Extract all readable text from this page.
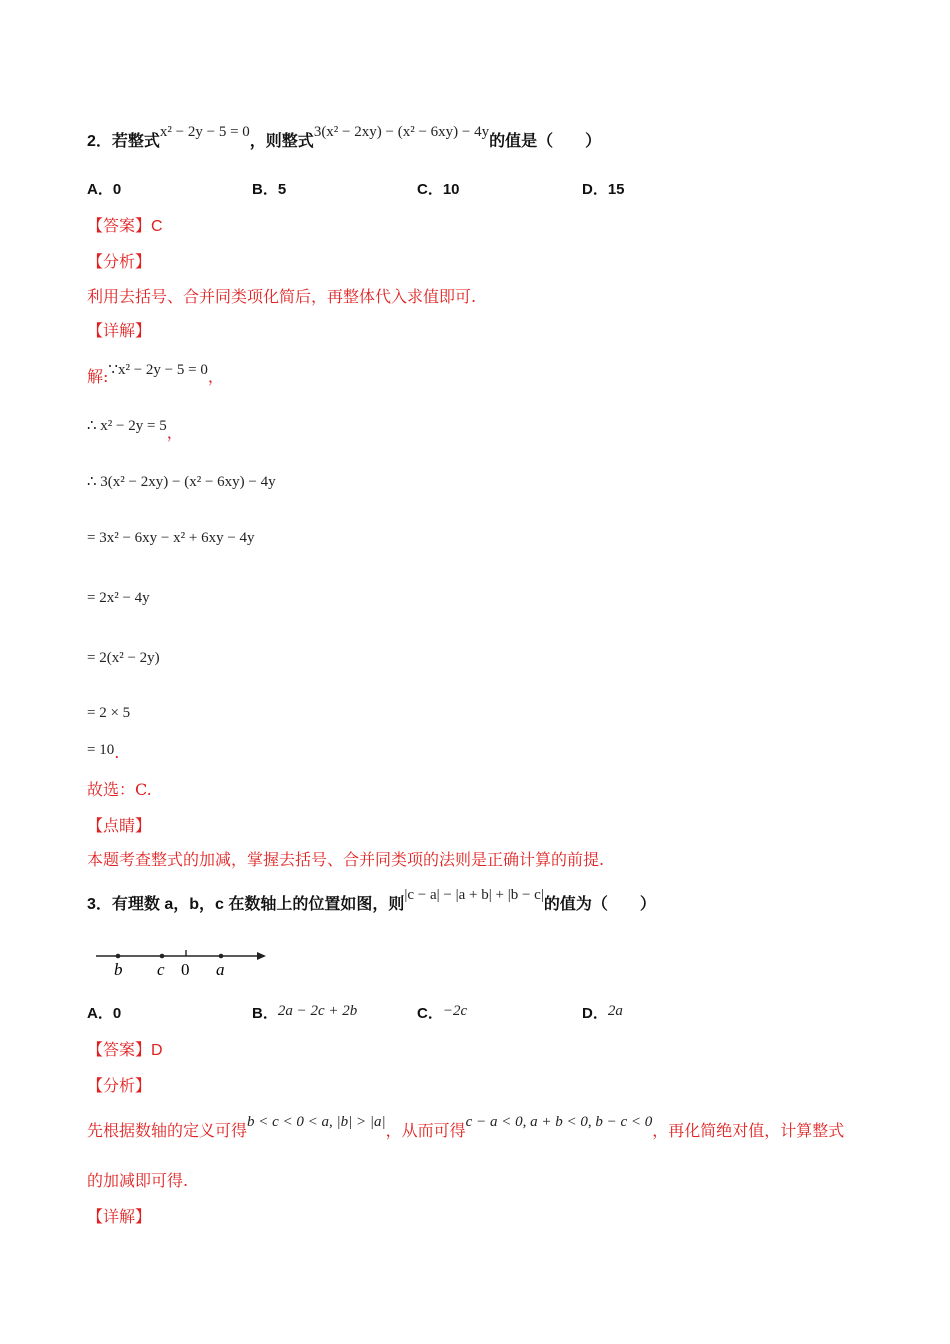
2．若整式x² − 2y − 5 = 0，则整式3(x² − 2xy) − (x² − 6xy) − 4y的值是（　　）
A．0	B．5	C．10	D．15
【答案】C
【分析】
利用去括号、合并同类项化简后，再整体代入求值即可.
【详解】
解:∵x² − 2y − 5 = 0，
∴ x² − 2y = 5，
∴ 3(x² − 2xy) − (x² − 6xy) − 4y
= 3x² − 6xy − x² + 6xy − 4y
= 2x² − 4y
= 2(x² − 2y)
= 2 × 5
= 10.
故选：C.
【点睛】
本题考查整式的加减，掌握去括号、合并同类项的法则是正确计算的前提.
3．有理数 a，b，c 在数轴上的位置如图，则|c − a| − |a + b| + |b − c|的值为（　　）
b c 0 a
A．0	B．2a − 2c + 2b	C．−2c	D．2a
【答案】D
【分析】
先根据数轴的定义可得b < c < 0 < a, |b| > |a|，从而可得c − a < 0, a + b < 0, b − c < 0，再化简绝对值，计算整式
的加减即可得.
【详解】
